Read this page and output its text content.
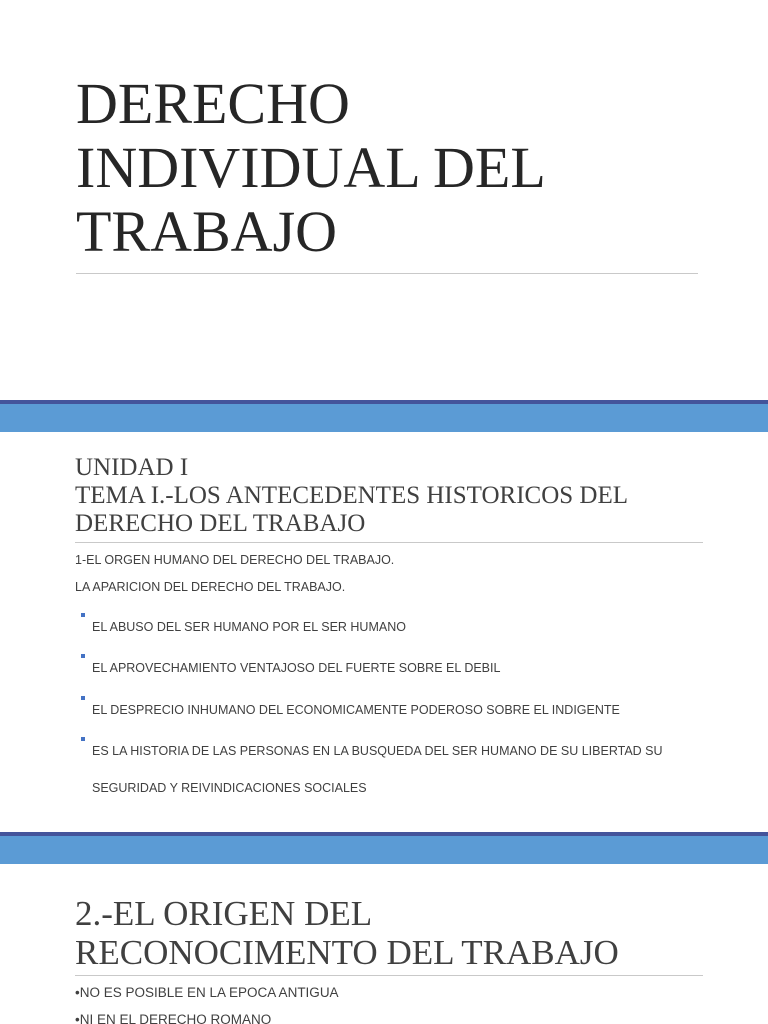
DERECHO
INDIVIDUAL DEL
TRABAJO
UNIDAD I
TEMA I.-LOS ANTECEDENTES HISTORICOS DEL
DERECHO DEL TRABAJO

1-EL ORGEN HUMANO DEL DERECHO DEL TRABAJO.

LA APARICION DEL DERECHO DEL TRABAJO.

EL ABUSO DEL SER HUMANO POR EL SER HUMANO
EL APROVECHAMIENTO VENTAJOSO DEL FUERTE SOBRE EL DEBIL
EL DESPRECIO INHUMANO DEL ECONOMICAMENTE PODEROSO SOBRE EL INDIGENTE
ES LA HISTORIA DE LAS PERSONAS EN LA BUSQUEDA DEL SER HUMANO DE SU LIBERTAD SU SEGURIDAD Y REIVINDICACIONES SOCIALES
2.-EL ORIGEN DEL
RECONOCIMENTO DEL TRABAJO

•NO ES POSIBLE EN LA EPOCA ANTIGUA

•NI EN EL DERECHO ROMANO
